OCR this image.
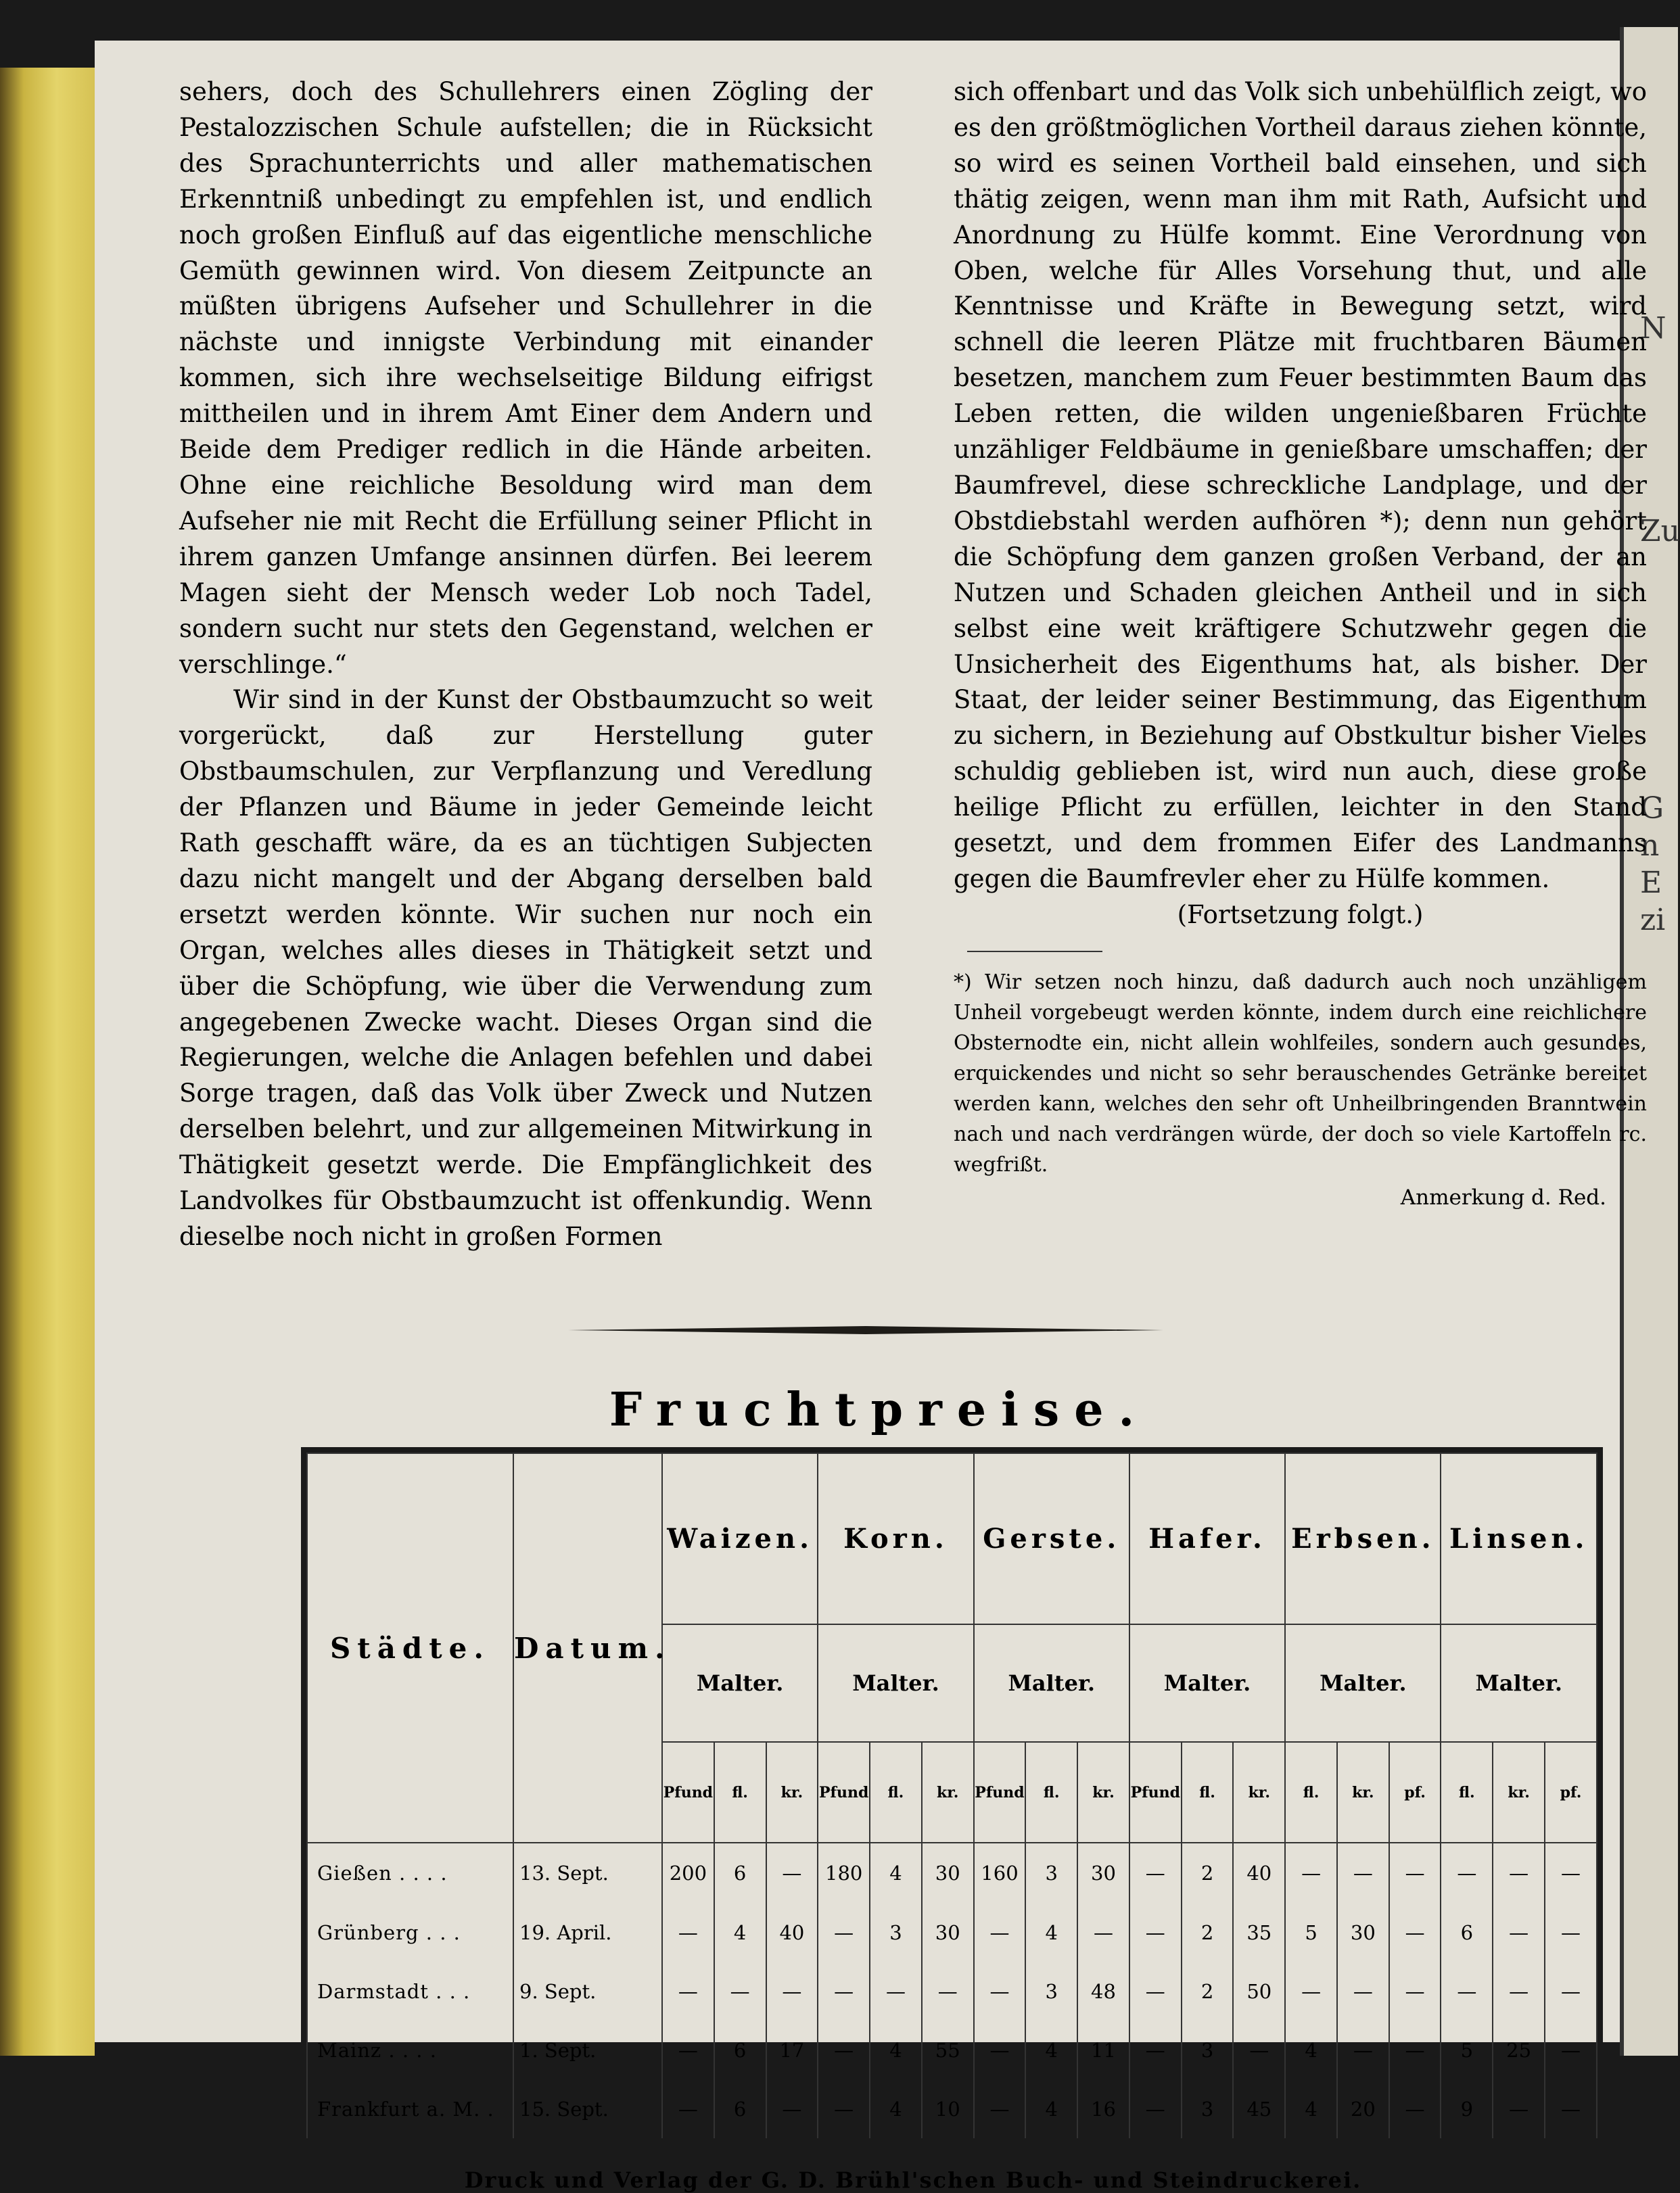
N
Zu
G
n
E
zi

sehers, doch des Schullehrers einen Zögling der Pestalozzischen Schule aufstellen; die in Rücksicht des Sprachunterrichts und aller mathematischen Erkenntniß unbedingt zu empfehlen ist, und endlich noch großen Einfluß auf das eigentliche menschliche Gemüth gewinnen wird. Von diesem Zeitpuncte an müßten übrigens Aufseher und Schullehrer in die nächste und innigste Verbindung mit einander kommen, sich ihre wechselseitige Bildung eifrigst mittheilen und in ihrem Amt Einer dem Andern und Beide dem Prediger redlich in die Hände arbeiten. Ohne eine reichliche Besoldung wird man dem Aufseher nie mit Recht die Erfüllung seiner Pflicht in ihrem ganzen Umfange ansinnen dürfen. Bei leerem Magen sieht der Mensch weder Lob noch Tadel, sondern sucht nur stets den Gegenstand, welchen er verschlinge.“

Wir sind in der Kunst der Obstbaumzucht so weit vorgerückt, daß zur Herstellung guter Obstbaumschulen, zur Verpflanzung und Veredlung der Pflanzen und Bäume in jeder Gemeinde leicht Rath geschafft wäre, da es an tüchtigen Subjecten dazu nicht mangelt und der Abgang derselben bald ersetzt werden könnte. Wir suchen nur noch ein Organ, welches alles dieses in Thätigkeit setzt und über die Schöpfung, wie über die Verwendung zum angegebenen Zwecke wacht. Dieses Organ sind die Regierungen, welche die Anlagen befehlen und dabei Sorge tragen, daß das Volk über Zweck und Nutzen derselben belehrt, und zur allgemeinen Mitwirkung in Thätigkeit gesetzt werde. Die Empfänglichkeit des Landvolkes für Obstbaumzucht ist offenkundig. Wenn dieselbe noch nicht in großen Formen

sich offenbart und das Volk sich unbehülflich zeigt, wo es den größtmöglichen Vortheil daraus ziehen könnte, so wird es seinen Vortheil bald einsehen, und sich thätig zeigen, wenn man ihm mit Rath, Aufsicht und Anordnung zu Hülfe kommt. Eine Verordnung von Oben, welche für Alles Vorsehung thut, und alle Kenntnisse und Kräfte in Bewegung setzt, wird schnell die leeren Plätze mit fruchtbaren Bäumen besetzen, manchem zum Feuer bestimmten Baum das Leben retten, die wilden ungenießbaren Früchte unzähliger Feldbäume in genießbare umschaffen; der Baumfrevel, diese schreckliche Landplage, und der Obstdiebstahl werden aufhören *); denn nun gehört die Schöpfung dem ganzen großen Verband, der an Nutzen und Schaden gleichen Antheil und in sich selbst eine weit kräftigere Schutzwehr gegen die Unsicherheit des Eigenthums hat, als bisher. Der Staat, der leider seiner Bestimmung, das Eigenthum zu sichern, in Beziehung auf Obstkultur bisher Vieles schuldig geblieben ist, wird nun auch, diese große heilige Pflicht zu erfüllen, leichter in den Stand gesetzt, und dem frommen Eifer des Landmanns gegen die Baumfrevler eher zu Hülfe kommen.

(Fortsetzung folgt.)

*) Wir setzen noch hinzu, daß dadurch auch noch unzähligem Unheil vorgebeugt werden könnte, indem durch eine reichlichere Obsternodte ein, nicht allein wohlfeiles, sondern auch gesundes, erquickendes und nicht so sehr berauschendes Getränke bereitet werden kann, welches den sehr oft Unheilbringenden Branntwein nach und nach verdrängen würde, der doch so viele Kartoffeln rc. wegfrißt.

Anmerkung d. Red.

Fruchtpreise.
Städte.	Datum.	Waizen.			Korn.			Gerste.			Hafer.			Erbsen.			Linsen.		
		Malter.			Malter.			Malter.			Malter.			Malter.			Malter.		
		Pfund	fl.	kr.	Pfund	fl.	kr.	Pfund	fl.	kr.	Pfund	fl.	kr.	fl.	kr.	pf.	fl.	kr.	pf.
Gießen . . . .	13. Sept.	200	6	—	180	4	30	160	3	30	—	2	40	—	—	—	—	—	—
Grünberg . . .	19. April.	—	4	40	—	3	30	—	4	—	—	2	35	5	30	—	6	—	—
Darmstadt . . .	9. Sept.	—	—	—	—	—	—	—	3	48	—	2	50	—	—	—	—	—	—
Mainz . . . .	1. Sept.	—	6	17	—	4	55	—	4	11	—	3	—	4	—	—	5	25	—
Frankfurt a. M. .	15. Sept.	—	6	—	—	4	10	—	4	16	—	3	45	4	20	—	9	—	—
Druck und Verlag der G. D. Brühl'schen Buch- und Steindruckerei.
